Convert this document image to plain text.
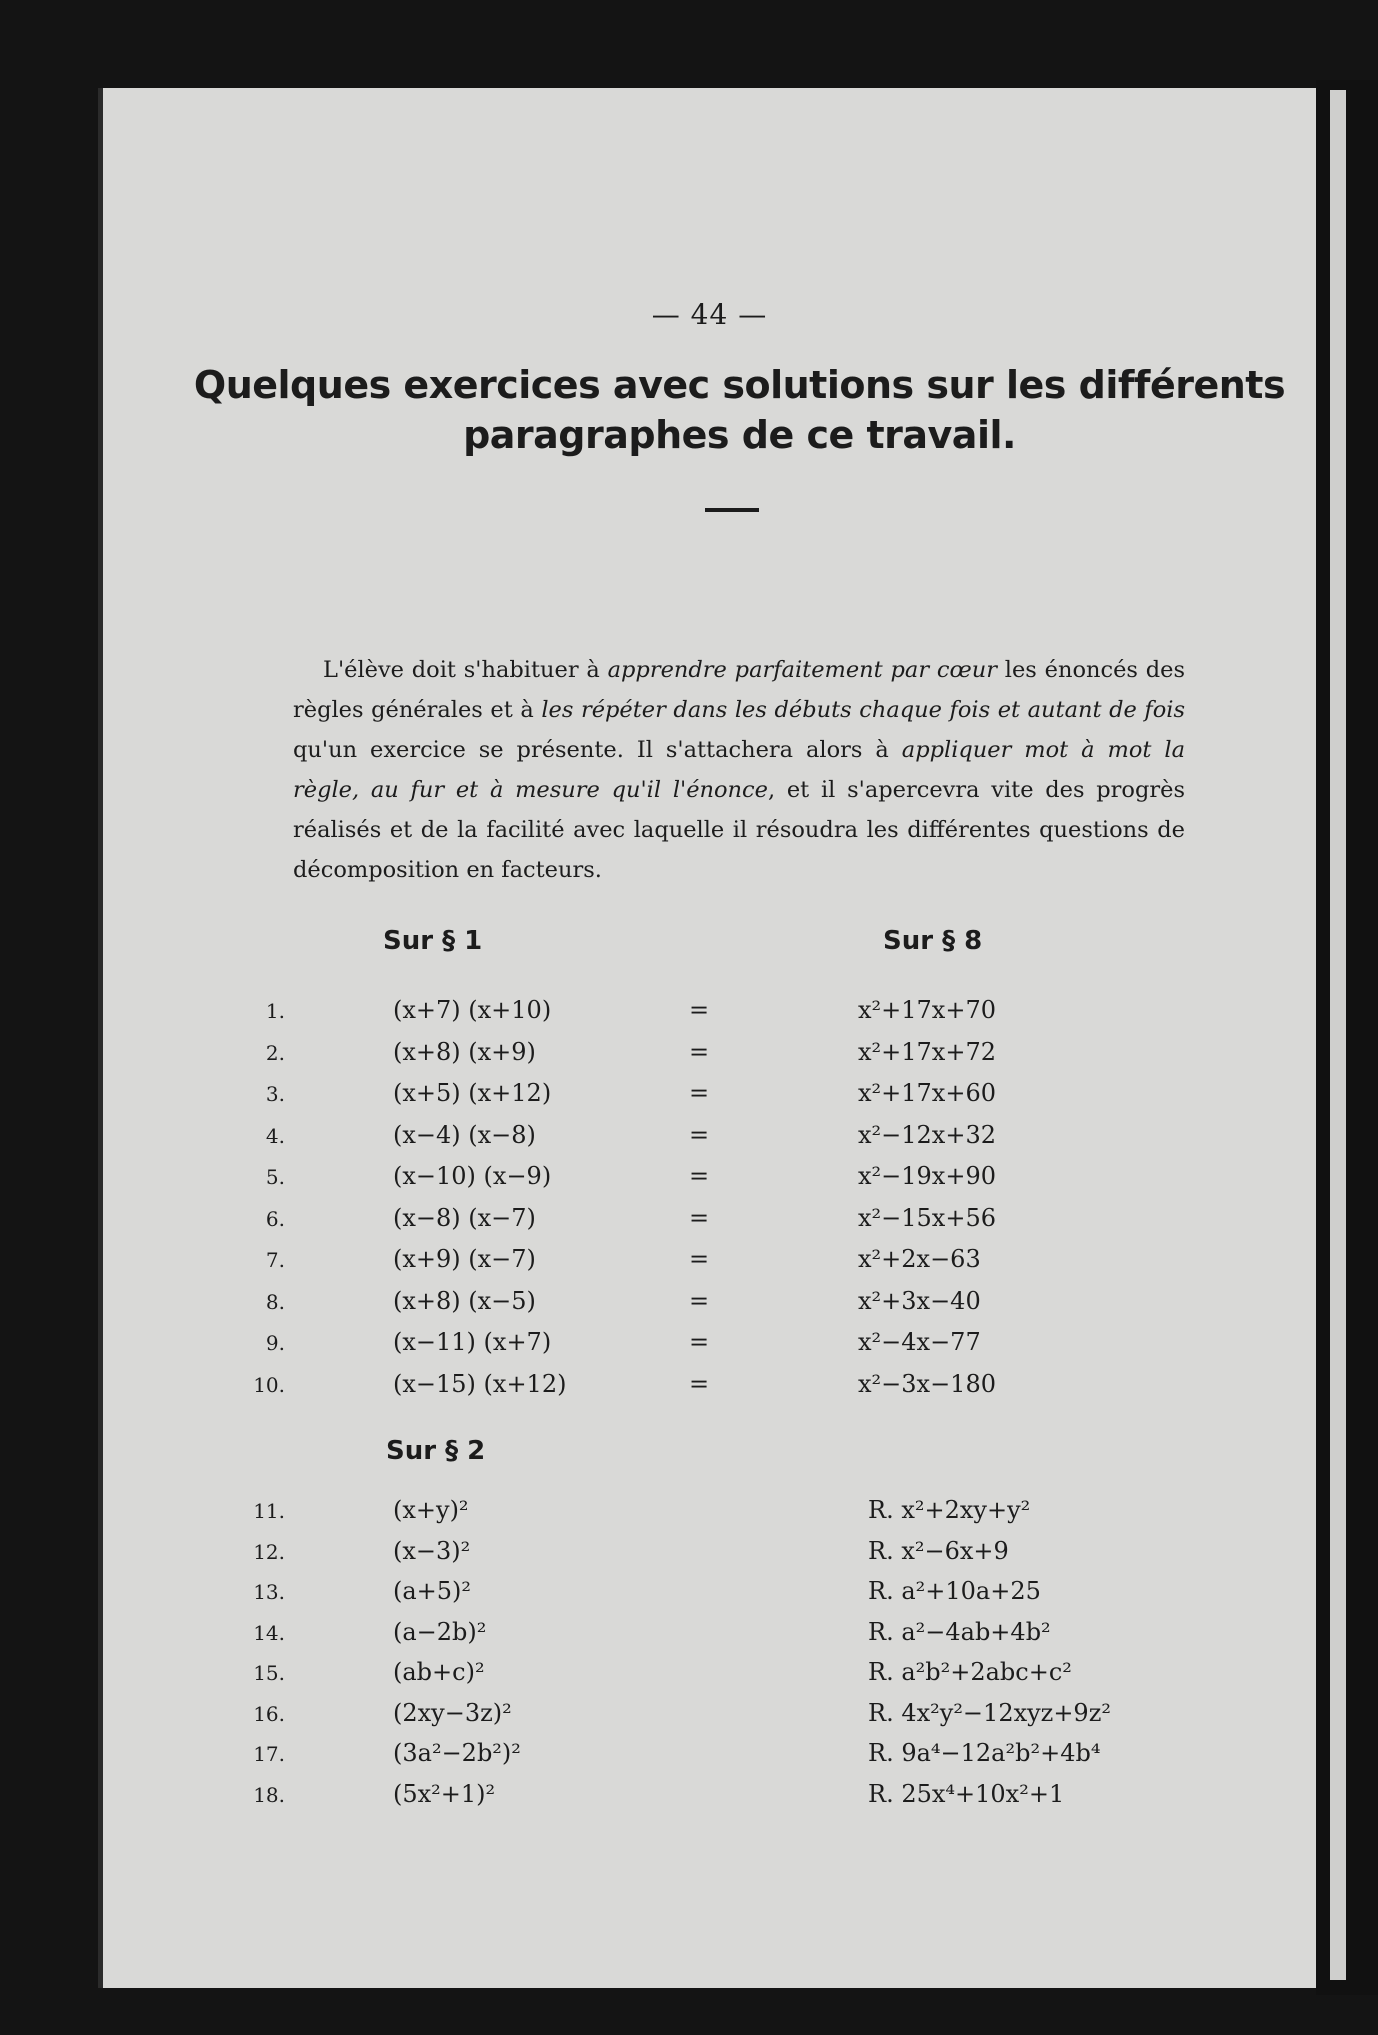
— 44 —
Quelques exercices avec solutions sur les différents
paragraphes de ce travail.
L'élève doit s'habituer à apprendre parfaitement par cœur les énoncés des règles générales et à les répéter dans les débuts chaque fois et autant de fois qu'un exercice se présente. Il s'attachera alors à appliquer mot à mot la règle, au fur et à mesure qu'il l'énonce, et il s'apercevra vite des progrès réalisés et de la facilité avec laquelle il résoudra les différentes questions de décomposition en facteurs.
Sur § 1	Sur § 8
1.	(x+7) (x+10)	=	x²+17x+70
2.	(x+8) (x+9)	=	x²+17x+72
3.	(x+5) (x+12)	=	x²+17x+60
4.	(x−4) (x−8)	=	x²−12x+32
5.	(x−10) (x−9)	=	x²−19x+90
6.	(x−8) (x−7)	=	x²−15x+56
7.	(x+9) (x−7)	=	x²+2x−63
8.	(x+8) (x−5)	=	x²+3x−40
9.	(x−11) (x+7)	=	x²−4x−77
10.	(x−15) (x+12)	=	x²−3x−180
Sur § 2
11.	(x+y)²	R. x²+2xy+y²
12.	(x−3)²	R. x²−6x+9
13.	(a+5)²	R. a²+10a+25
14.	(a−2b)²	R. a²−4ab+4b²
15.	(ab+c)²	R. a²b²+2abc+c²
16.	(2xy−3z)²	R. 4x²y²−12xyz+9z²
17.	(3a²−2b²)²	R. 9a⁴−12a²b²+4b⁴
18.	(5x²+1)²	R. 25x⁴+10x²+1
